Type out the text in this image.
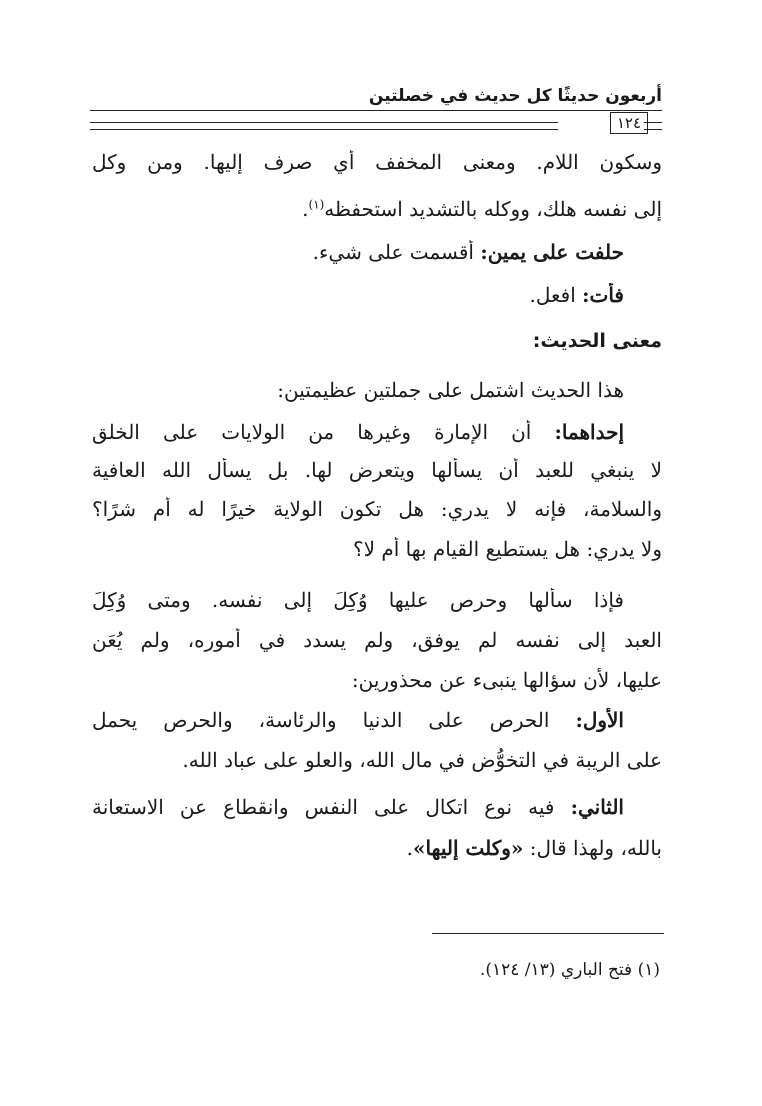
أربعون حديثًا كل حديث في خصلتين
١٢٤
وسكون اللام. ومعنى المخفف أي صرف إليها. ومن وكل
إلى نفسه هلك، ووكله بالتشديد استحفظه$^{(١)}$.
حلفت على يمين: أقسمت على شيء.
فأت: افعل.
معنى الحديث:
هذا الحديث اشتمل على جملتين عظيمتين:
إحداهما: أن الإمارة وغيرها من الولايات على الخلق
لا ينبغي للعبد أن يسألها ويتعرض لها. بل يسأل الله العافية
والسلامة، فإنه لا يدري: هل تكون الولاية خيرًا له أم شرًا؟
ولا يدري: هل يستطيع القيام بها أم لا؟
فإذا سألها وحرص عليها وُكِلَ إلى نفسه. ومتى وُكِلَ
العبد إلى نفسه لم يوفق، ولم يسدد في أموره، ولم يُعَن
عليها، لأن سؤالها ينبىء عن محذورين:
الأول: الحرص على الدنيا والرئاسة، والحرص يحمل
على الريبة في التخوُّض في مال الله، والعلو على عباد الله.
الثاني: فيه نوع اتكال على النفس وانقطاع عن الاستعانة
بالله، ولهذا قال: «وكلت إليها».
(١) فتح الباري (١٣/ ١٢٤).
